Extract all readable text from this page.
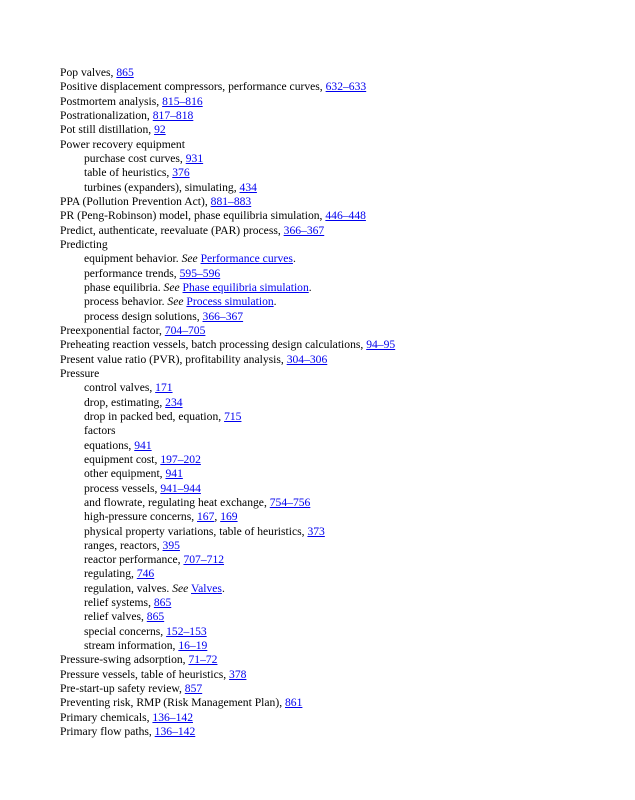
Pop valves, 865
Positive displacement compressors, performance curves, 632–633
Postmortem analysis, 815–816
Postrationalization, 817–818
Pot still distillation, 92
Power recovery equipment
purchase cost curves, 931
table of heuristics, 376
turbines (expanders), simulating, 434
PPA (Pollution Prevention Act), 881–883
PR (Peng-Robinson) model, phase equilibria simulation, 446–448
Predict, authenticate, reevaluate (PAR) process, 366–367
Predicting
equipment behavior. See Performance curves.
performance trends, 595–596
phase equilibria. See Phase equilibria simulation.
process behavior. See Process simulation.
process design solutions, 366–367
Preexponential factor, 704–705
Preheating reaction vessels, batch processing design calculations, 94–95
Present value ratio (PVR), profitability analysis, 304–306
Pressure
control valves, 171
drop, estimating, 234
drop in packed bed, equation, 715
factors
equations, 941
equipment cost, 197–202
other equipment, 941
process vessels, 941–944
and flowrate, regulating heat exchange, 754–756
high-pressure concerns, 167, 169
physical property variations, table of heuristics, 373
ranges, reactors, 395
reactor performance, 707–712
regulating, 746
regulation, valves. See Valves.
relief systems, 865
relief valves, 865
special concerns, 152–153
stream information, 16–19
Pressure-swing adsorption, 71–72
Pressure vessels, table of heuristics, 378
Pre-start-up safety review, 857
Preventing risk, RMP (Risk Management Plan), 861
Primary chemicals, 136–142
Primary flow paths, 136–142
